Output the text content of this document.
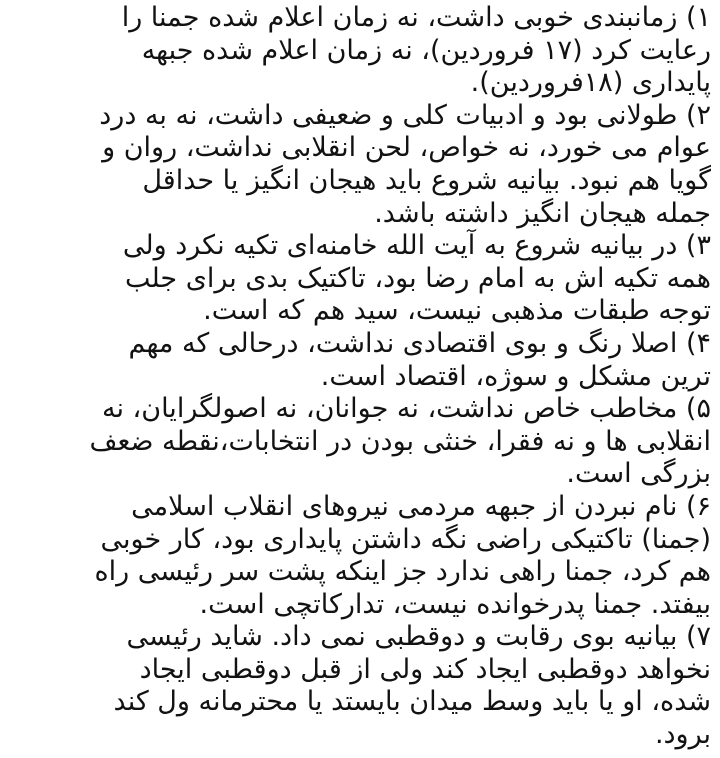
۱) زمانبندی خوبی داشت، نه زمان اعلام شده جمنا را
رعایت کرد (۱۷ فروردین)، نه زمان اعلام شده جبهه
پایداری (۱۸فروردین).
۲) طولانی بود و ادبیات کلی و ضعیفی داشت، نه به درد
عوام می خورد، نه خواص، لحن انقلابی نداشت، روان و
گویا هم نبود. بیانیه شروع باید هیجان انگیز یا حداقل
جمله هیجان انگیز داشته باشد.
۳) در بیانیه شروع به آیت الله خامنه‌ای تکیه نکرد ولی
همه تکیه اش به امام رضا بود، تاکتیک بدی برای جلب
توجه طبقات مذهبی نیست، سید هم که است.
۴) اصلا رنگ و بوی اقتصادی نداشت، درحالی که مهم
ترین مشکل و سوژه، اقتصاد است.
۵) مخاطب خاص نداشت، نه جوانان، نه اصولگرایان، نه
انقلابی ها و نه فقرا، خنثی بودن در انتخابات،نقطه ضعف
بزرگی است.
۶) نام نبردن از جبهه مردمی نیروهای انقلاب اسلامی
(جمنا) تاکتیکی راضی نگه داشتن پایداری بود، کار خوبی
هم کرد، جمنا راهی ندارد جز اینکه پشت سر رئیسی راه
بیفتد. جمنا پدرخوانده نیست، تدارکاتچی است.
۷) بیانیه بوی رقابت و دوقطبی نمی داد. شاید رئیسی
نخواهد دوقطبی ایجاد کند ولی از قبل دوقطبی ایجاد
شده، او یا باید وسط میدان بایستد یا محترمانه ول کند
برود.
